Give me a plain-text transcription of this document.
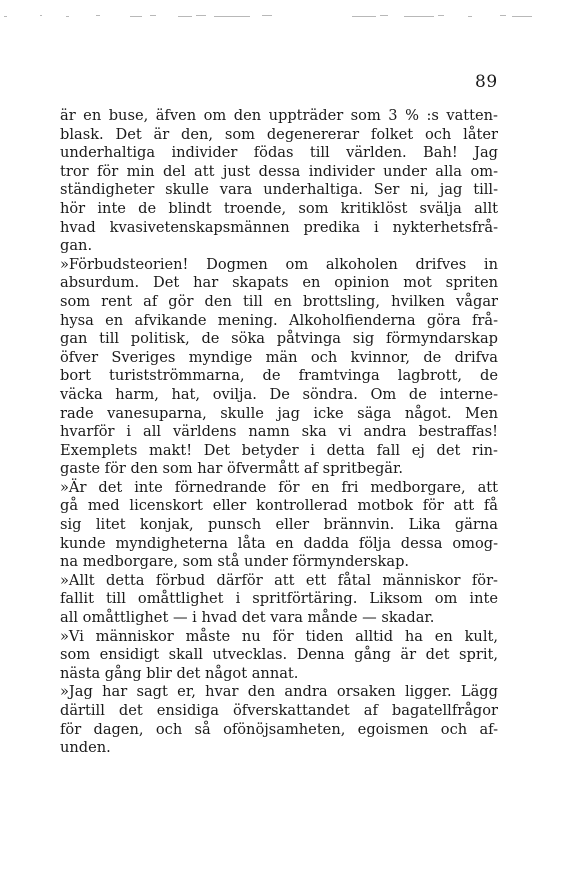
89
är en buse, äfven om den uppträder som 3 % :s vatten-
blask. Det är den, som degenererar folket och låter
underhaltiga individer födas till världen. Bah! Jag
tror för min del att just dessa individer under alla om-
ständigheter skulle vara underhaltiga. Ser ni, jag till-
hör inte de blindt troende, som kritiklöst svälja allt
hvad kvasivetenskapsmännen predika i nykterhetsfrå-
gan.
»Förbudsteorien! Dogmen om alkoholen drifves in
absurdum. Det har skapats en opinion mot spriten
som rent af gör den till en brottsling, hvilken vågar
hysa en afvikande mening. Alkoholfienderna göra frå-
gan till politisk, de söka påtvinga sig förmyndarskap
öfver Sveriges myndige män och kvinnor, de drifva
bort turistströmmarna, de framtvinga lagbrott, de
väcka harm, hat, ovilja. De söndra. Om de interne-
rade vanesuparna, skulle jag icke säga något. Men
hvarför i all världens namn ska vi andra bestraffas!
Exemplets makt! Det betyder i detta fall ej det rin-
gaste för den som har öfvermått af spritbegär.
»Är det inte förnedrande för en fri medborgare, att
gå med licenskort eller kontrollerad motbok för att få
sig litet konjak, punsch eller brännvin. Lika gärna
kunde myndigheterna låta en dadda följa dessa omog-
na medborgare, som stå under förmynderskap.
»Allt detta förbud därför att ett fåtal människor för-
fallit till omåttlighet i spritförtäring. Liksom om inte
all omåttlighet — i hvad det vara månde — skadar.
»Vi människor måste nu för tiden alltid ha en kult,
som ensidigt skall utvecklas. Denna gång är det sprit,
nästa gång blir det något annat.
»Jag har sagt er, hvar den andra orsaken ligger. Lägg
därtill det ensidiga öfverskattandet af bagatellfrågor
för dagen, och så ofönöjsamheten, egoismen och af-
unden.
